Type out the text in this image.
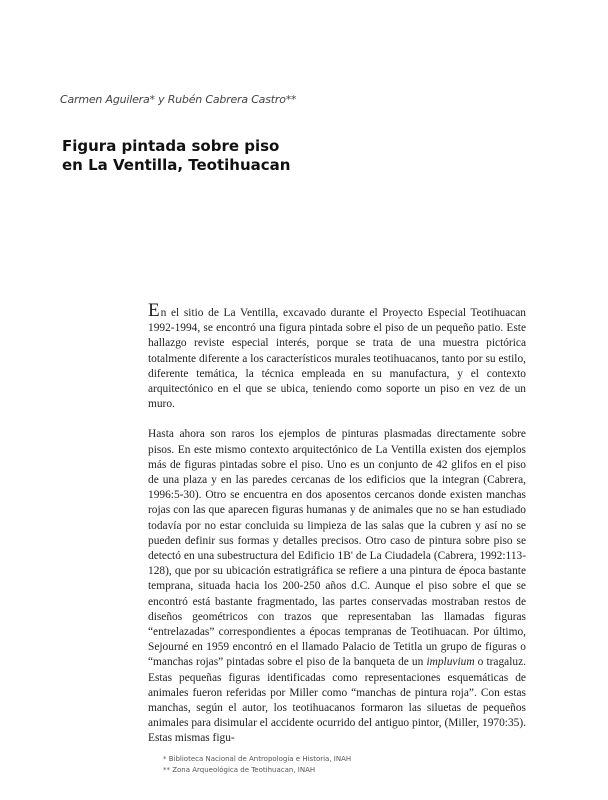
Carmen Aguilera* y Rubén Cabrera Castro**
Figura pintada sobre piso
en La Ventilla, Teotihuacan

En el sitio de La Ventilla, excavado durante el Proyecto Especial Teotihuacan 1992-1994, se encontró una figura pintada sobre el piso de un pequeño patio. Este hallazgo reviste especial interés, porque se trata de una muestra pictórica totalmente diferente a los característicos murales teotihuacanos, tanto por su estilo, diferente temática, la técnica empleada en su manufactura, y el contexto arquitectónico en el que se ubica, teniendo como soporte un piso en vez de un muro.

Hasta ahora son raros los ejemplos de pinturas plasmadas directamente sobre pisos. En este mismo contexto arquitectónico de La Ventilla existen dos ejemplos más de figuras pintadas sobre el piso. Uno es un conjunto de 42 glifos en el piso de una plaza y en las paredes cercanas de los edificios que la integran (Cabrera, 1996:5-30). Otro se encuentra en dos aposentos cercanos donde existen manchas rojas con las que aparecen figuras humanas y de animales que no se han estudiado todavía por no estar concluida su limpieza de las salas que la cubren y así no se pueden definir sus formas y detalles precisos. Otro caso de pintura sobre piso se detectó en una subestructura del Edificio 1B' de La Ciudadela (Cabrera, 1992:113-128), que por su ubicación estratigráfica se refiere a una pintura de época bastante temprana, situada hacia los 200-250 años d.C. Aunque el piso sobre el que se encontró está bastante fragmentado, las partes conservadas mostraban restos de diseños geométricos con trazos que representaban las llamadas figuras “entrelazadas” correspondientes a épocas tempranas de Teotihuacan. Por último, Sejourné en 1959 encontró en el llamado Palacio de Tetitla un grupo de figuras o “manchas rojas” pintadas sobre el piso de la banqueta de un impluvium o tragaluz. Estas pequeñas figuras identificadas como representaciones esquemáticas de animales fueron referidas por Miller como “manchas de pintura roja”. Con estas manchas, según el autor, los teotihuacanos formaron las siluetas de pequeños animales para disimular el accidente ocurrido del antiguo pintor, (Miller, 1970:35). Estas mismas figu-

* Biblioteca Nacional de Antropología e Historia, INAH
** Zona Arqueológica de Teotihuacan, INAH
